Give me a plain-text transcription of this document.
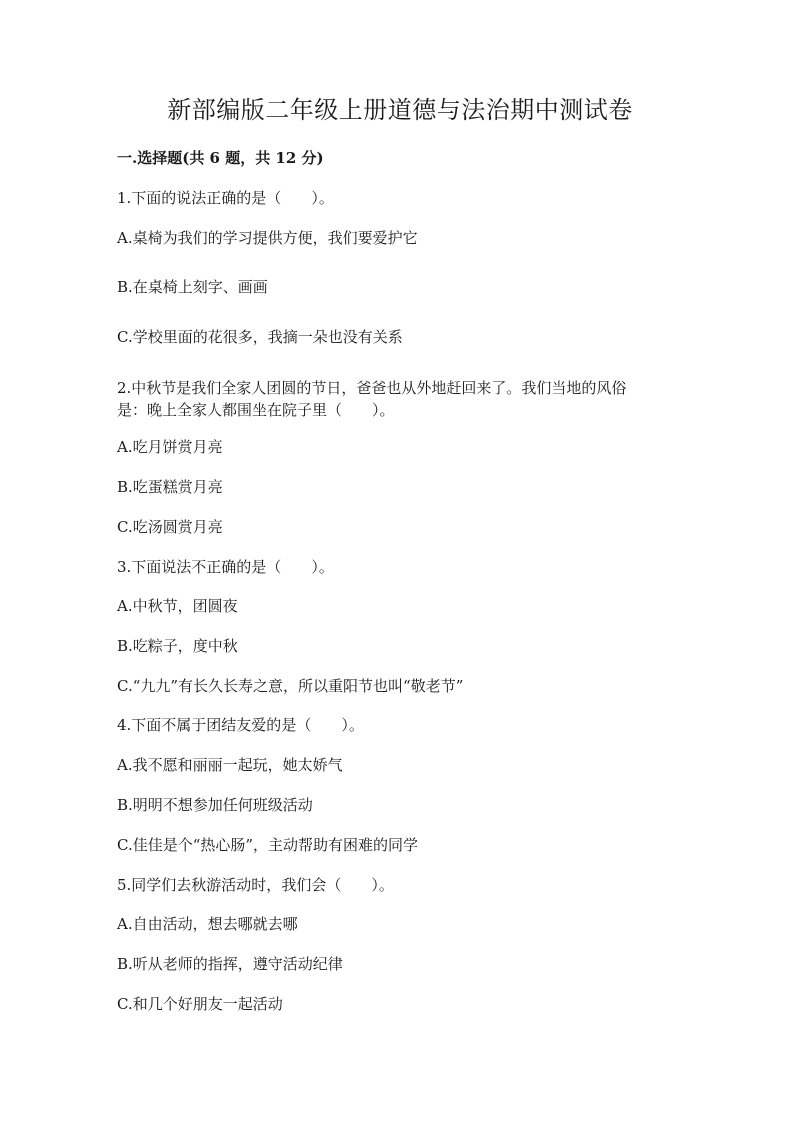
新部编版二年级上册道德与法治期中测试卷
一.选择题(共 6 题，共 12 分)
1.下面的说法正确的是（　　）。
A.桌椅为我们的学习提供方便，我们要爱护它
B.在桌椅上刻字、画画
C.学校里面的花很多，我摘一朵也没有关系
2.中秋节是我们全家人团圆的节日，爸爸也从外地赶回来了。我们当地的风俗
是：晚上全家人都围坐在院子里（　　）。
A.吃月饼赏月亮
B.吃蛋糕赏月亮
C.吃汤圆赏月亮
3.下面说法不正确的是（　　）。
A.中秋节，团圆夜
B.吃粽子，度中秋
C.“九九”有长久长寿之意，所以重阳节也叫“敬老节”
4.下面不属于团结友爱的是（　　）。
A.我不愿和丽丽一起玩，她太娇气
B.明明不想参加任何班级活动
C.佳佳是个“热心肠”，主动帮助有困难的同学
5.同学们去秋游活动时，我们会（　　）。
A.自由活动，想去哪就去哪
B.听从老师的指挥，遵守活动纪律
C.和几个好朋友一起活动
